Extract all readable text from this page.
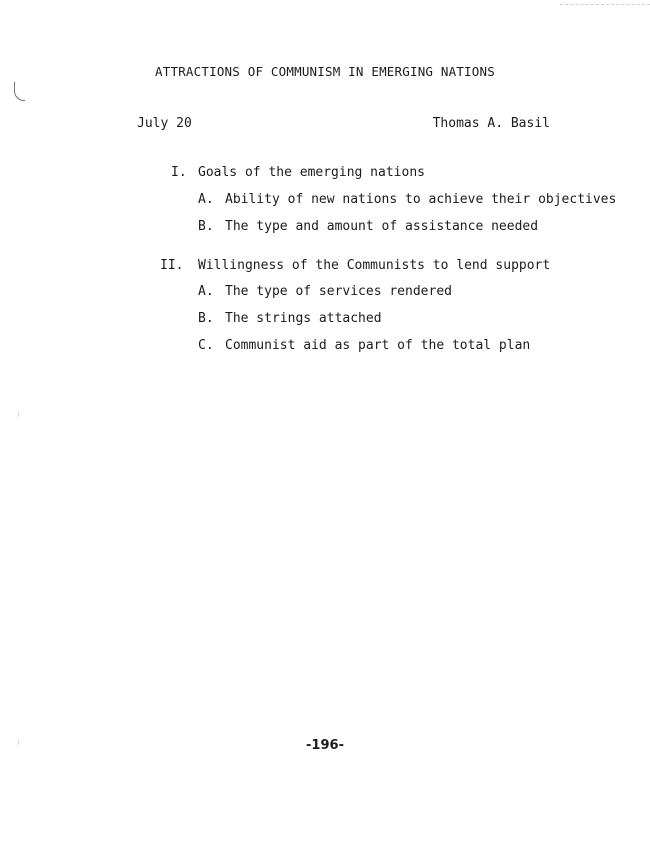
ATTRACTIONS OF COMMUNISM IN EMERGING NATIONS
July 20	Thomas A. Basil
I. Goals of the emerging nations
A. Ability of new nations to achieve their objectives
B. The type and amount of assistance needed
II. Willingness of the Communists to lend support
A. The type of services rendered
B. The strings attached
C. Communist aid as part of the total plan
-196-
